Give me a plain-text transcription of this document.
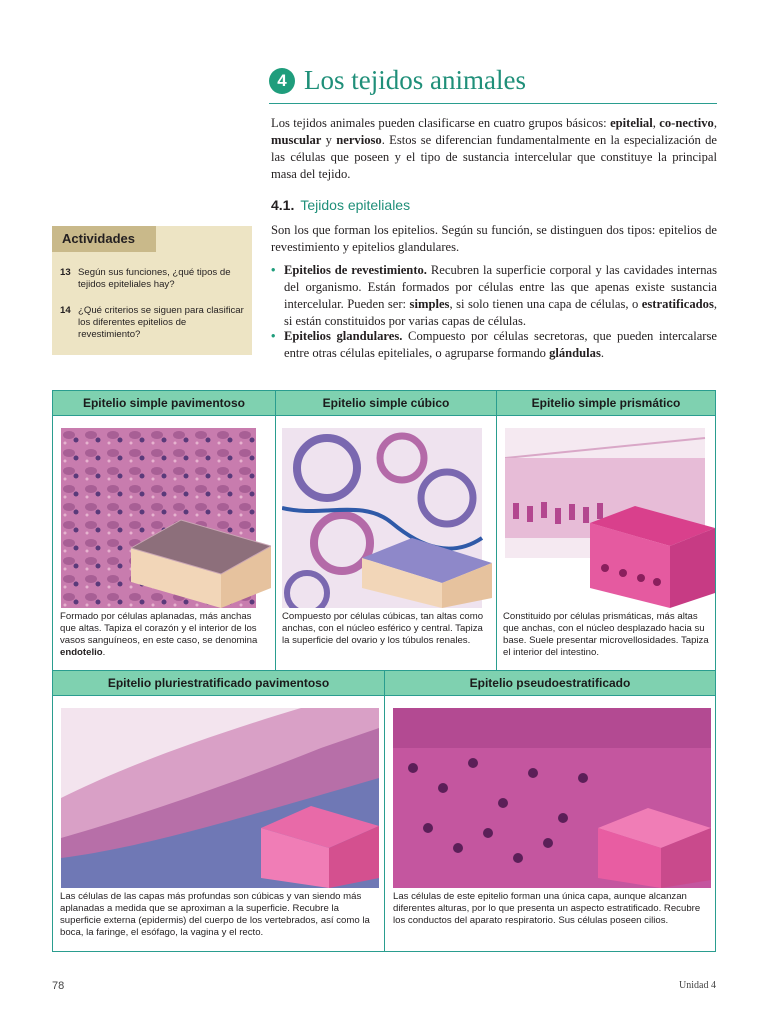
4 Los tejidos animales
Los tejidos animales pueden clasificarse en cuatro grupos básicos: epitelial, co-nectivo, muscular y nervioso. Estos se diferencian fundamentalmente en la especialización de las células que poseen y el tipo de sustancia intercelular que constituye la principal masa del tejido.
4.1. Tejidos epiteliales
Son los que forman los epitelios. Según su función, se distinguen dos tipos: epitelios de revestimiento y epitelios glandulares.
• Epitelios de revestimiento. Recubren la superficie corporal y las cavidades internas del organismo. Están formados por células entre las que apenas existe sustancia intercelular. Pueden ser: simples, si solo tienen una capa de células, o estratificados, si están constituidos por varias capas de células.
• Epitelios glandulares. Compuesto por células secretoras, que pueden intercalarse entre otras células epiteliales, o agruparse formando glándulas.
Actividades
13 Según sus funciones, ¿qué tipos de tejidos epiteliales hay?
14 ¿Qué criterios se siguen para clasificar los diferentes epitelios de revestimiento?
Epitelio simple pavimentoso	Epitelio simple cúbico	Epitelio simple prismático
Formado por células aplanadas, más anchas que altas. Tapiza el corazón y el interior de los vasos sanguíneos, en este caso, se denomina endotelio.
Compuesto por células cúbicas, tan altas como anchas, con el núcleo esférico y central. Tapiza la superficie del ovario y los túbulos renales.
Constituido por células prismáticas, más altas que anchas, con el núcleo desplazado hacia su base. Suele presentar microvellosidades. Tapiza el interior del intestino.
Epitelio pluriestratificado pavimentoso	Epitelio pseudoestratificado
Las células de las capas más profundas son cúbicas y van siendo más aplanadas a medida que se aproximan a la superficie. Recubre la superficie externa (epidermis) del cuerpo de los vertebrados, así como la boca, la faringe, el esófago, la vagina y el recto.
Las células de este epitelio forman una única capa, aunque alcanzan diferentes alturas, por lo que presenta un aspecto estratificado. Recubre los conductos del aparato respiratorio. Sus células poseen cilios.
78	Unidad 4
